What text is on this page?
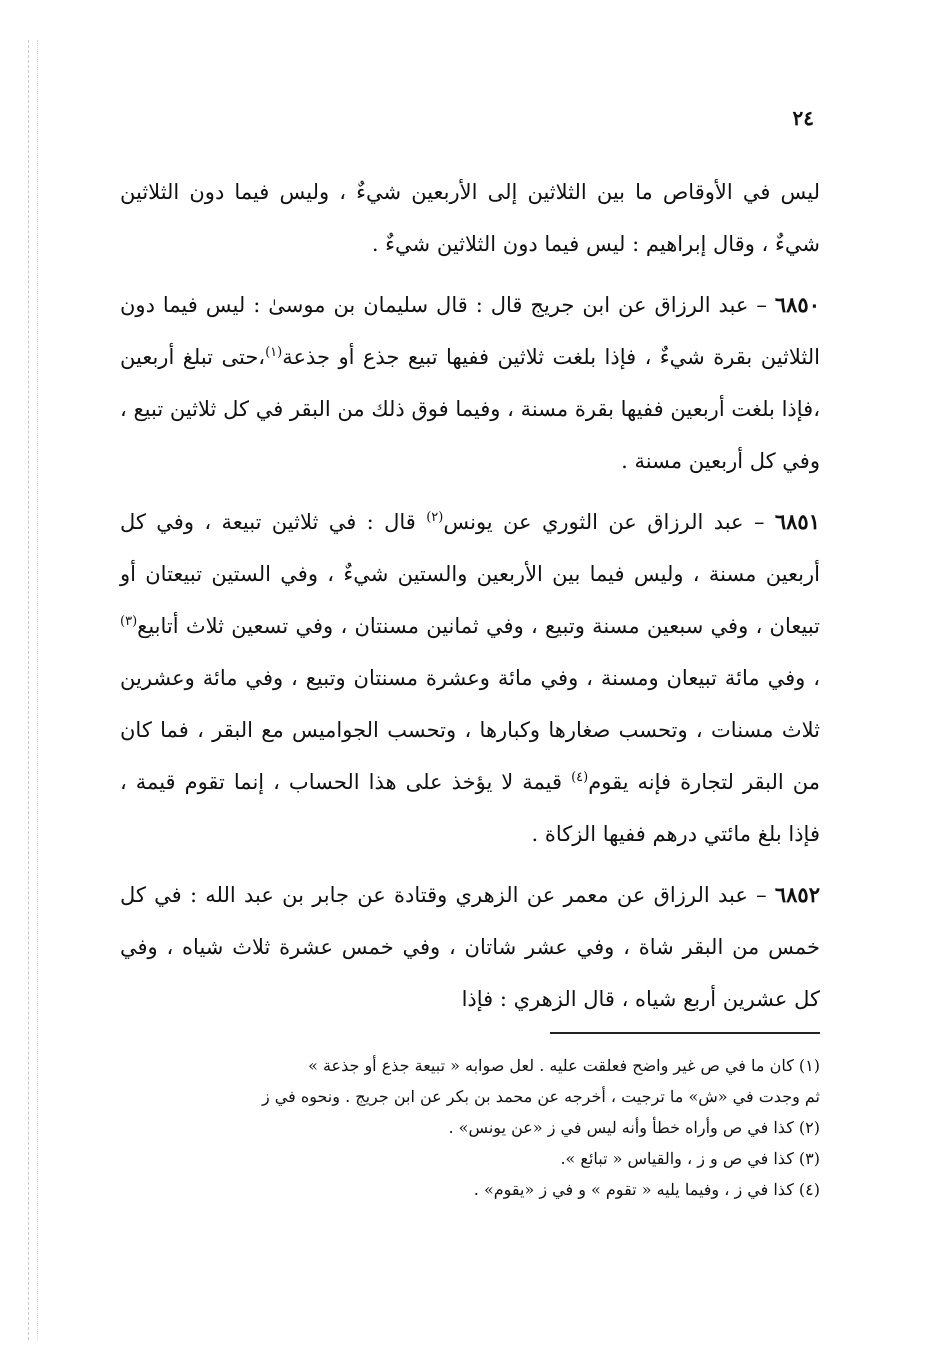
٢٤

ليس في الأوقاص ما بين الثلاثين إلى الأربعين شيءٌ ، وليس فيما دون الثلاثين شيءٌ ، وقال إبراهيم : ليس فيما دون الثلاثين شيءٌ .

٦٨٥٠ – عبد الرزاق عن ابن جريج قال : قال سليمان بن موسىٰ : ليس فيما دون الثلاثين بقرة شيءٌ ، فإذا بلغت ثلاثين ففيها تبيع جذع أو جذعة$^{(١)}$،حتى تبلغ أربعين ،فإذا بلغت أربعين ففيها بقرة مسنة ، وفيما فوق ذلك من البقر في كل ثلاثين تبيع ، وفي كل أربعين مسنة .

٦٨٥١ – عبد الرزاق عن الثوري عن يونس$^{(٢)}$ قال : في ثلاثين تبيعة ، وفي كل أربعين مسنة ، وليس فيما بين الأربعين والستين شيءٌ ، وفي الستين تبيعتان أو تبيعان ، وفي سبعين مسنة وتبيع ، وفي ثمانين مسنتان ، وفي تسعين ثلاث أتابيع$^{(٣)}$ ، وفي مائة تبيعان ومسنة ، وفي مائة وعشرة مسنتان وتبيع ، وفي مائة وعشرين ثلاث مسنات ، وتحسب صغارها وكبارها ، وتحسب الجواميس مع البقر ، فما كان من البقر لتجارة فإنه يقوم$^{(٤)}$ قيمة لا يؤخذ على هذا الحساب ، إنما تقوم قيمة ، فإذا بلغ مائتي درهم ففيها الزكاة .

٦٨٥٢ – عبد الرزاق عن معمر عن الزهري وقتادة عن جابر بن عبد الله : في كل خمس من البقر شاة ، وفي عشر شاتان ، وفي خمس عشرة ثلاث شياه ، وفي كل عشرين أربع شياه ، قال الزهري : فإذا

(١) كان ما في ص غير واضح فعلقت عليه . لعل صوابه « تبيعة جذع أو جذعة »

ثم وجدت في «ش» ما ترجيت ، أخرجه عن محمد بن بكر عن ابن جريج . ونحوه في ز

(٢) كذا في ص وأراه خطأ وأنه ليس في ز «عن يونس» .

(٣) كذا في ص و ز ، والقياس « تبائع ».

(٤) كذا في ز ، وفيما يليه « تقوم » و في ز «يقوم» .
